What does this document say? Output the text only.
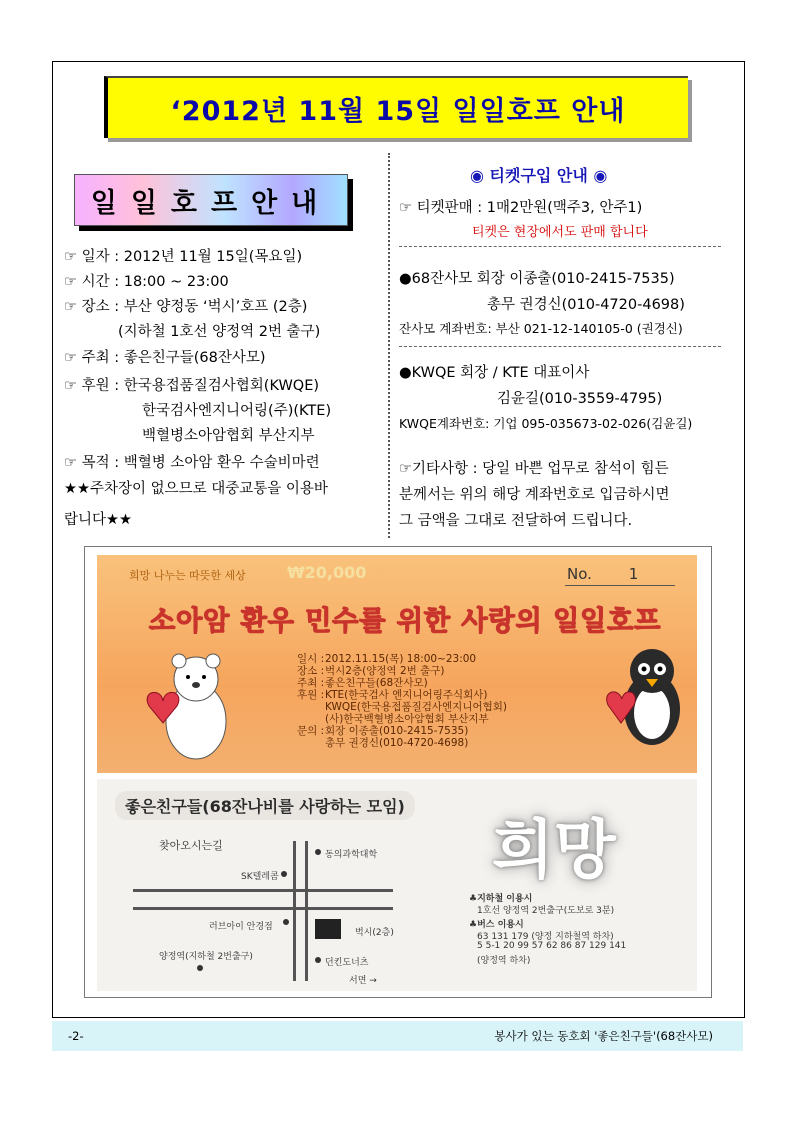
‘2012년 11월 15일 일일호프 안내
일일호프안내
☞ 일자 : 2012년 11월 15일(목요일)
☞ 시간 : 18:00 ~ 23:00
☞ 장소 : 부산 양정동 ‘벅시’호프 (2층)
(지하철 1호선 양정역 2번 출구)
☞ 주최 : 좋은친구들(68잔사모)
☞ 후원 : 한국용접품질검사협회(KWQE)
한국검사엔지니어링(주)(KTE)
백혈병소아암협회 부산지부
☞ 목적 : 백혈병 소아암 환우 수술비마련
★★주차장이 없으므로 대중교통을 이용바
랍니다★★
◉ 티켓구입 안내 ◉
☞ 티켓판매 : 1매2만원(맥주3, 안주1)
티켓은 현장에서도 판매 합니다
●68잔사모 회장 이종출(010-2415-7535)
총무 권경신(010-4720-4698)
잔사모 계좌번호: 부산 021-12-140105-0 (권경신)
●KWQE 회장 / KTE 대표이사
김윤길(010-3559-4795)
KWQE계좌번호: 기업 095-035673-02-026(김윤길)
☞기타사항 : 당일 바쁜 업무로 참석이 힘든
분께서는 위의 해당 계좌번호로 입금하시면
그 금액을 그대로 전달하여 드립니다.
희망 나누는 따뜻한 세상	₩20,000	No. 1
소아암 환우 민수를 위한 사랑의 일일호프
일시 :2012.11.15(목) 18:00~23:00
장소 :벅시2층(양정역 2번 출구)
주최 :좋은친구들(68잔사모)
후원 :KTE(한국검사 엔지니어링주식회사)
KWQE(한국용접품질검사엔지니어협회)
(사)한국백혈병소아암협회 부산지부
문의 :회장 이종출(010-2415-7535)
총무 권경신(010-4720-4698)
좋은친구들(68잔나비를 사랑하는 모임)
찾아오시는길
동의과학대학
SK텔레콤
러브아이 안경점
벅시(2층)
양정역(지하철 2번출구)
던킨도너츠
서면 →
희망
♣지하철 이용시
1호선 양정역 2번출구(도보로 3분)
♣버스 이용시
63 131 179 (양정 지하철역 하차)
5 5-1 20 99 57 62 86 87 129 141
(양정역 하차)
-2-	봉사가 있는 동호회 '좋은친구들'(68잔사모)
